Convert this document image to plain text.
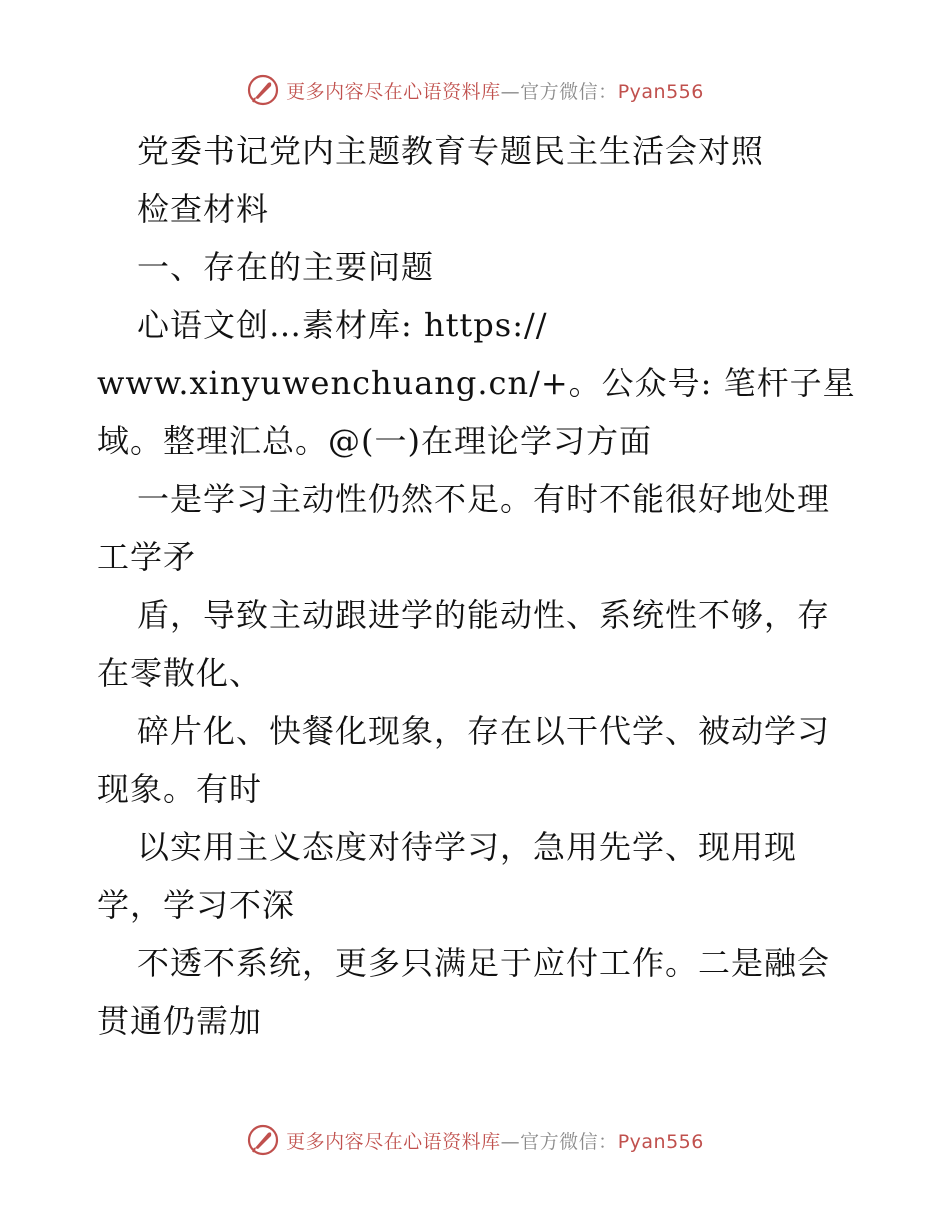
更多内容尽在心语资料库—官方微信：Pyan556
党委书记党内主题教育专题民主生活会对照
检查材料
一、存在的主要问题
心语文创…素材库: https://
www.xinyuwenchuang.cn/+。公众号: 笔杆子星
域。整理汇总。@(一)在理论学习方面
一是学习主动性仍然不足。有时不能很好地处理
工学矛
盾，导致主动跟进学的能动性、系统性不够，存
在零散化、
碎片化、快餐化现象，存在以干代学、被动学习
现象。有时
以实用主义态度对待学习，急用先学、现用现
学，学习不深
不透不系统，更多只满足于应付工作。二是融会
贯通仍需加
更多内容尽在心语资料库—官方微信：Pyan556
